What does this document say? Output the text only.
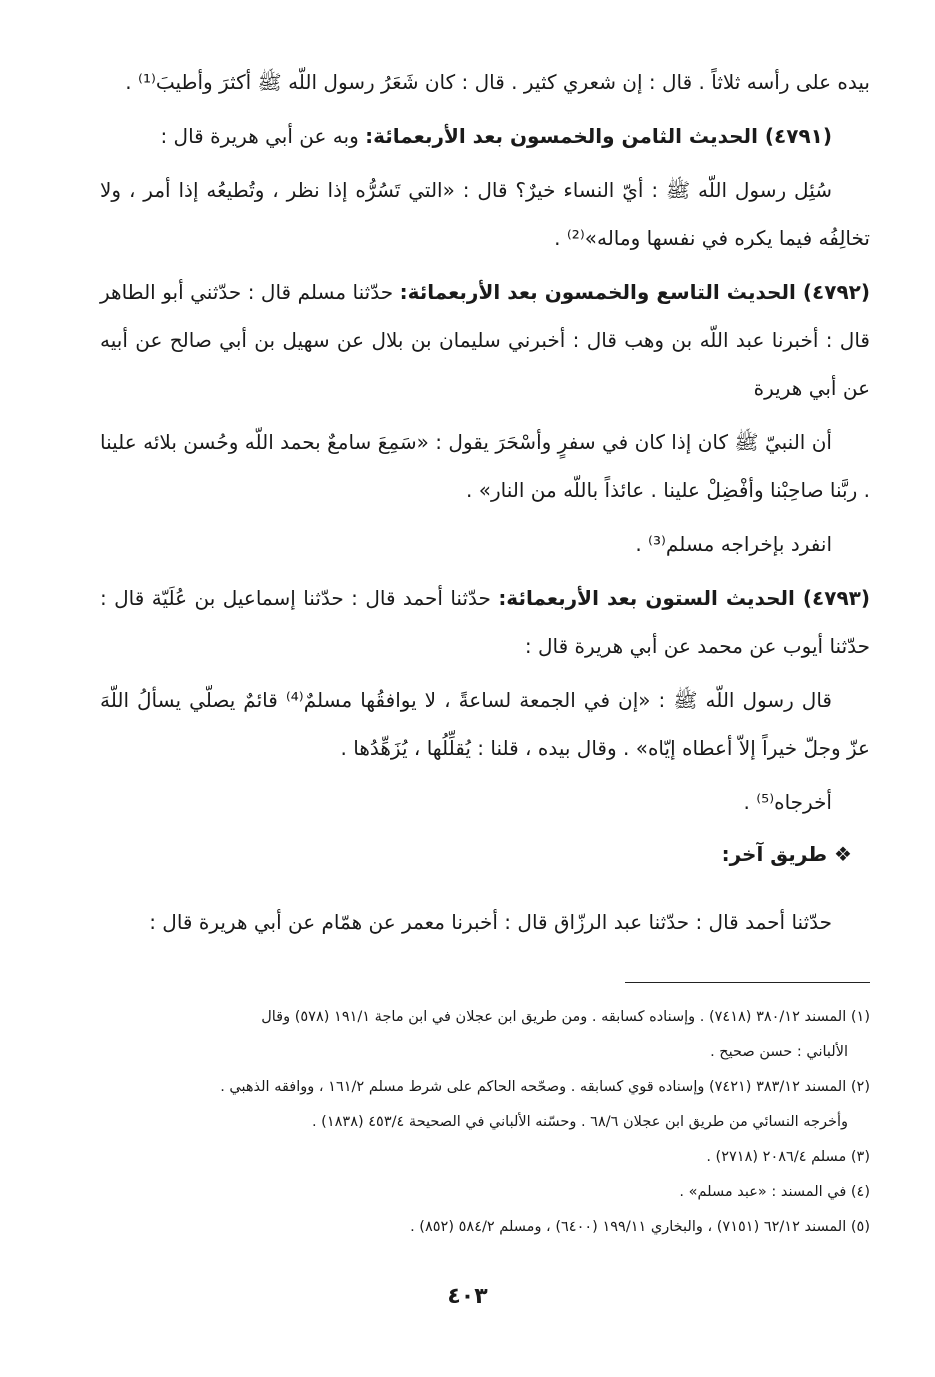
بيده على رأسه ثلاثاً . قال : إن شعري كثير . قال : كان شَعَرُ رسول اللّه ﷺ أكثرَ وأطيبَ⁽¹⁾ .

(٤٧٩١) الحديث الثامن والخمسون بعد الأربعمائة: وبه عن أبي هريرة قال :

سُئِل رسول اللّه ﷺ : أيّ النساء خيرٌ؟ قال : «التي تَسُرُّه إذا نظر ، وتُطيعُه إذا أمر ، ولا تخالِفُه فيما يكره في نفسها وماله»⁽²⁾ .

(٤٧٩٢) الحديث التاسع والخمسون بعد الأربعمائة: حدّثنا مسلم قال : حدّثني أبو الطاهر قال : أخبرنا عبد اللّه بن وهب قال : أخبرني سليمان بن بلال عن سهيل بن أبي صالح عن أبيه عن أبي هريرة

أن النبيّ ﷺ كان إذا كان في سفرٍ وأسْحَرَ يقول : «سَمِعَ سامعٌ بحمد اللّه وحُسن بلائه علينا . ربَّنا صاحِبْنا وأفْضِلْ علينا . عائذاً باللّه من النار» .

انفرد بإخراجه مسلم⁽³⁾ .

(٤٧٩٣) الحديث الستون بعد الأربعمائة: حدّثنا أحمد قال : حدّثنا إسماعيل بن عُلَيّة قال : حدّثنا أيوب عن محمد عن أبي هريرة قال :

قال رسول اللّه ﷺ : «إن في الجمعة لساعةً ، لا يوافقُها مسلمٌ⁽⁴⁾ قائمٌ يصلّي يسألُ اللّهَ عزّ وجلّ خيراً إلاّ أعطاه إيّاه» . وقال بيده ، قلنا : يُقلِّلُها ، يُزَهِّدُها .

أخرجاه⁽⁵⁾ .

❖ طريق آخر:

حدّثنا أحمد قال : حدّثنا عبد الرزّاق قال : أخبرنا معمر عن همّام عن أبي هريرة قال :

(١) المسند ٣٨٠/١٢ (٧٤١٨) . وإسناده كسابقه . ومن طريق ابن عجلان في ابن ماجة ١٩١/١ (٥٧٨) وقال
الألباني : حسن صحيح .

(٢) المسند ٣٨٣/١٢ (٧٤٢١) وإسناده قوي كسابقه . وصحّحه الحاكم على شرط مسلم ١٦١/٢ ، ووافقه الذهبي .
وأخرجه النسائي من طريق ابن عجلان ٦٨/٦ . وحسّنه الألباني في الصحيحة ٤٥٣/٤ (١٨٣٨) .

(٣) مسلم ٢٠٨٦/٤ (٢٧١٨) .

(٤) في المسند : «عبد مسلم» .

(٥) المسند ٦٢/١٢ (٧١٥١) ، والبخاري ١٩٩/١١ (٦٤٠٠) ، ومسلم ٥٨٤/٢ (٨٥٢) .

٤٠٣
